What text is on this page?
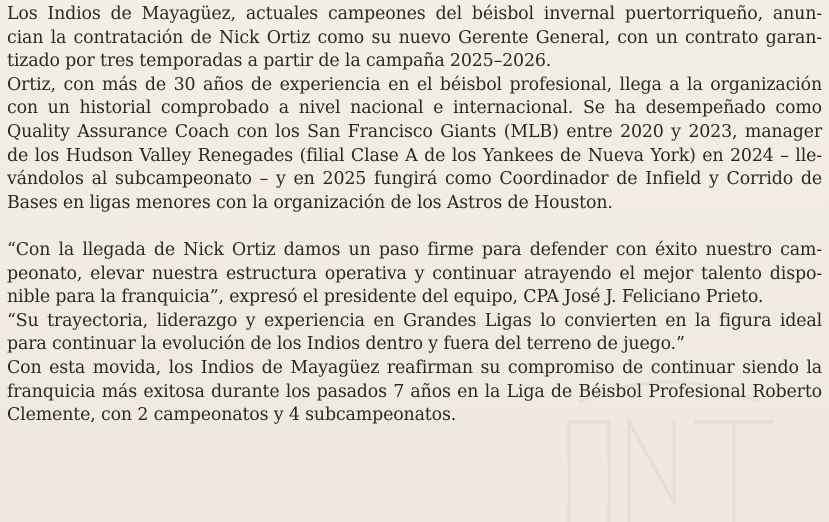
Los Indios de Mayagüez, actuales campeones del béisbol invernal puertorriqueño, anun-
cian la contratación de Nick Ortiz como su nuevo Gerente General, con un contrato garan-
tizado por tres temporadas a partir de la campaña 2025–2026.
Ortiz, con más de 30 años de experiencia en el béisbol profesional, llega a la organización
con un historial comprobado a nivel nacional e internacional. Se ha desempeñado como
Quality Assurance Coach con los San Francisco Giants (MLB) entre 2020 y 2023, manager
de los Hudson Valley Renegades (filial Clase A de los Yankees de Nueva York) en 2024 – lle-
vándolos al subcampeonato – y en 2025 fungirá como Coordinador de Infield y Corrido de
Bases en ligas menores con la organización de los Astros de Houston.
“Con la llegada de Nick Ortiz damos un paso firme para defender con éxito nuestro cam-
peonato, elevar nuestra estructura operativa y continuar atrayendo el mejor talento dispo-
nible para la franquicia”, expresó el presidente del equipo, CPA José J. Feliciano Prieto.
“Su trayectoria, liderazgo y experiencia en Grandes Ligas lo convierten en la figura ideal
para continuar la evolución de los Indios dentro y fuera del terreno de juego.”
Con esta movida, los Indios de Mayagüez reafirman su compromiso de continuar siendo la
franquicia más exitosa durante los pasados 7 años en la Liga de Béisbol Profesional Roberto
Clemente, con 2 campeonatos y 4 subcampeonatos.
